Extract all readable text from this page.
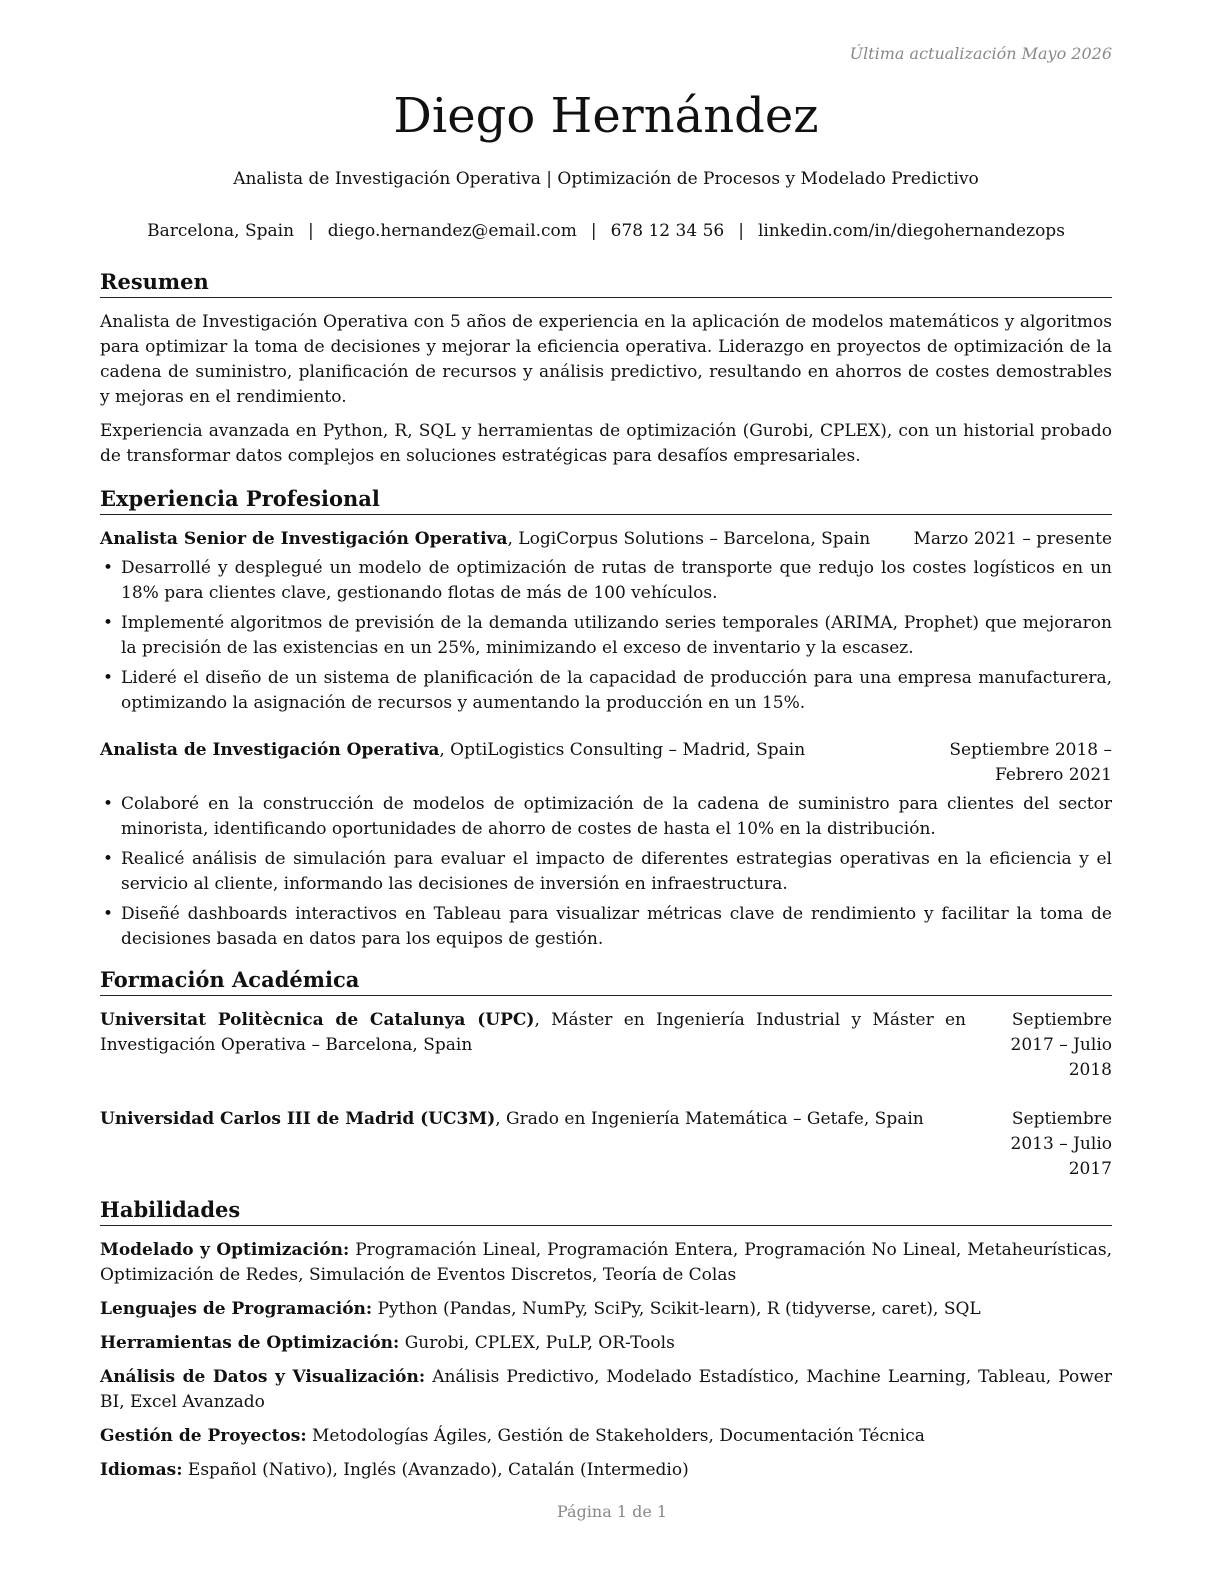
Última actualización Mayo 2026
Diego Hernández
Analista de Investigación Operativa | Optimización de Procesos y Modelado Predictivo
Barcelona, Spain | diego.hernandez@email.com | 678 12 34 56 | linkedin.com/in/diegohernandezops
Resumen

Analista de Investigación Operativa con 5 años de experiencia en la aplicación de modelos matemáticos y algoritmos para optimizar la toma de decisiones y mejorar la eficiencia operativa. Liderazgo en proyectos de optimización de la cadena de suministro, planificación de recursos y análisis predictivo, resultando en ahorros de costes demostrables y mejoras en el rendimiento.

Experiencia avanzada en Python, R, SQL y herramientas de optimización (Gurobi, CPLEX), con un historial probado de transformar datos complejos en soluciones estratégicas para desafíos empresariales.

Experiencia Profesional
Analista Senior de Investigación Operativa, LogiCorpus Solutions – Barcelona, Spain	Marzo 2021 – presente
• Desarrollé y desplegué un modelo de optimización de rutas de transporte que redujo los costes logísticos en un 18% para clientes clave, gestionando flotas de más de 100 vehículos.
• Implementé algoritmos de previsión de la demanda utilizando series temporales (ARIMA, Prophet) que mejoraron la precisión de las existencias en un 25%, minimizando el exceso de inventario y la escasez.
• Lideré el diseño de un sistema de planificación de la capacidad de producción para una empresa manufacturera, optimizando la asignación de recursos y aumentando la producción en un 15%.
Analista de Investigación Operativa, OptiLogistics Consulting – Madrid, Spain	Septiembre 2018 – Febrero 2021
• Colaboré en la construcción de modelos de optimización de la cadena de suministro para clientes del sector minorista, identificando oportunidades de ahorro de costes de hasta el 10% en la distribución.
• Realicé análisis de simulación para evaluar el impacto de diferentes estrategias operativas en la eficiencia y el servicio al cliente, informando las decisiones de inversión en infraestructura.
• Diseñé dashboards interactivos en Tableau para visualizar métricas clave de rendimiento y facilitar la toma de decisiones basada en datos para los equipos de gestión.
Formación Académica
Universitat Politècnica de Catalunya (UPC), Máster en Ingeniería Industrial y Máster en Investigación Operativa – Barcelona, Spain
Septiembre 2017 – Julio 2018
Universidad Carlos III de Madrid (UC3M), Grado en Ingeniería Matemática – Getafe, Spain	Septiembre 2013 – Julio 2017
Habilidades
Modelado y Optimización: Programación Lineal, Programación Entera, Programación No Lineal, Metaheurísticas, Optimización de Redes, Simulación de Eventos Discretos, Teoría de Colas
Lenguajes de Programación: Python (Pandas, NumPy, SciPy, Scikit-learn), R (tidyverse, caret), SQL
Herramientas de Optimización: Gurobi, CPLEX, PuLP, OR-Tools
Análisis de Datos y Visualización: Análisis Predictivo, Modelado Estadístico, Machine Learning, Tableau, Power BI, Excel Avanzado
Gestión de Proyectos: Metodologías Ágiles, Gestión de Stakeholders, Documentación Técnica
Idiomas: Español (Nativo), Inglés (Avanzado), Catalán (Intermedio)
Página 1 de 1
